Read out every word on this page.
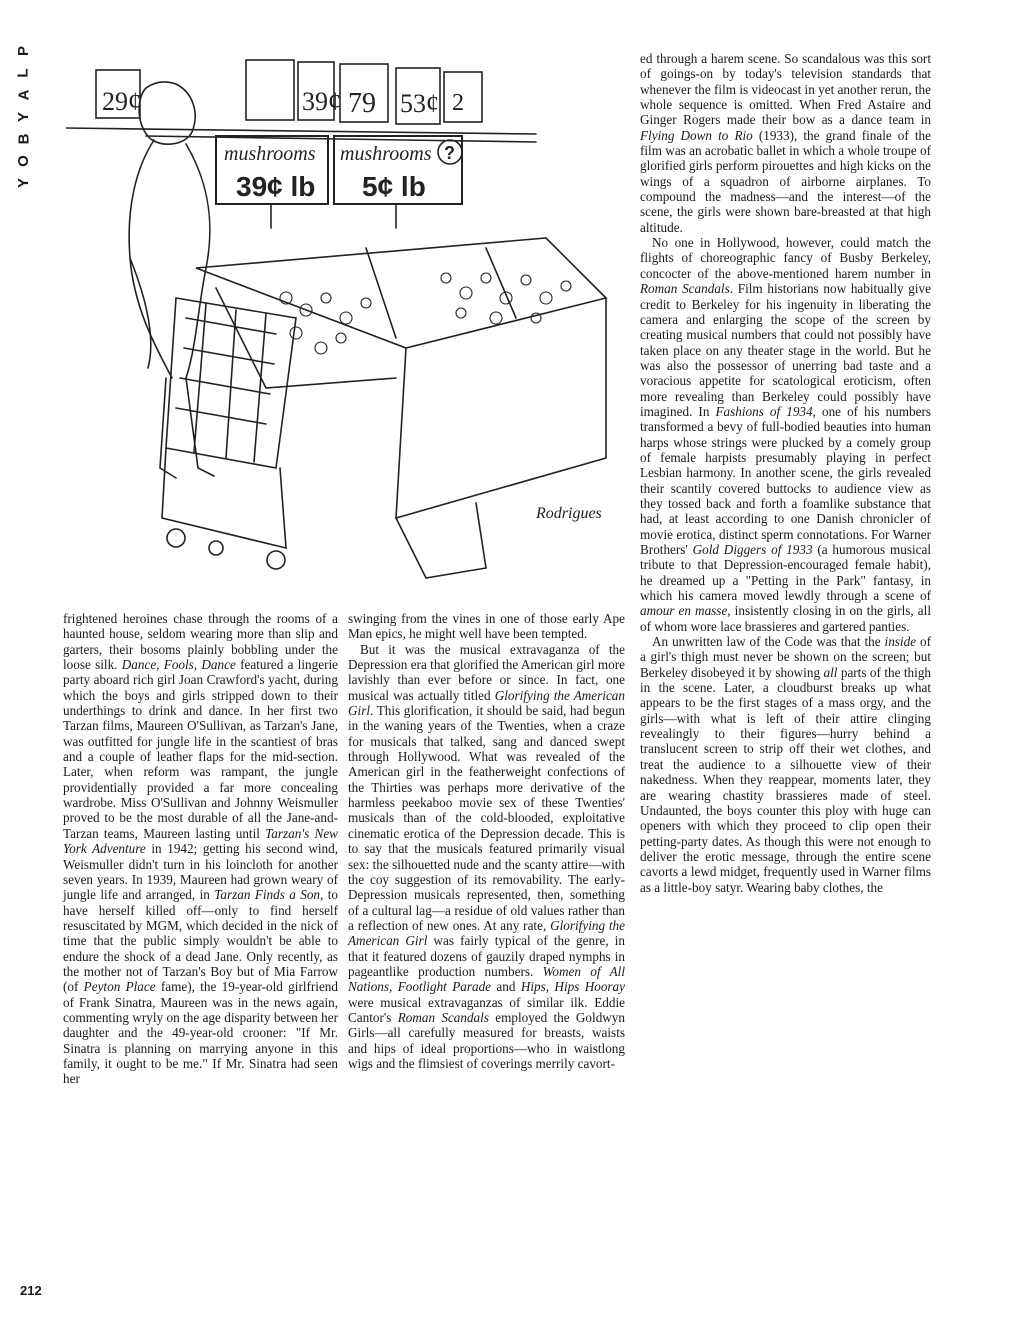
P
L
A
Y
B
O
Y
29¢	39¢ 79 53¢ 2
mushrooms
39¢ lb
mushrooms ?
5¢ lb
Rodrigues

frightened heroines chase through the rooms of a haunted house, seldom wearing more than slip and garters, their bosoms plainly bobbling under the loose silk. Dance, Fools, Dance featured a lingerie party aboard rich girl Joan Crawford's yacht, during which the boys and girls stripped down to their underthings to drink and dance. In her first two Tarzan films, Maureen O'Sullivan, as Tarzan's Jane, was outfitted for jungle life in the scantiest of bras and a couple of leather flaps for the mid-section. Later, when reform was rampant, the jungle providentially provided a far more concealing wardrobe. Miss O'Sullivan and Johnny Weismuller proved to be the most durable of all the Jane-and-Tarzan teams, Maureen lasting until Tarzan's New York Adventure in 1942; getting his second wind, Weismuller didn't turn in his loincloth for another seven years. In 1939, Maureen had grown weary of jungle life and arranged, in Tarzan Finds a Son, to have herself killed off—only to find herself resuscitated by MGM, which decided in the nick of time that the public simply wouldn't be able to endure the shock of a dead Jane. Only recently, as the mother not of Tarzan's Boy but of Mia Farrow (of Peyton Place fame), the 19-year-old girlfriend of Frank Sinatra, Maureen was in the news again, commenting wryly on the age disparity between her daughter and the 49-year-old crooner: "If Mr. Sinatra is planning on marrying anyone in this family, it ought to be me." If Mr. Sinatra had seen her

swinging from the vines in one of those early Ape Man epics, he might well have been tempted.

But it was the musical extravaganza of the Depression era that glorified the American girl more lavishly than ever before or since. In fact, one musical was actually titled Glorifying the American Girl. This glorification, it should be said, had begun in the waning years of the Twenties, when a craze for musicals that talked, sang and danced swept through Hollywood. What was revealed of the American girl in the featherweight confections of the Thirties was perhaps more derivative of the harmless peekaboo movie sex of these Twenties' musicals than of the cold-blooded, exploitative cinematic erotica of the Depression decade. This is to say that the musicals featured primarily visual sex: the silhouetted nude and the scanty attire—with the coy suggestion of its removability. The early-Depression musicals represented, then, something of a cultural lag—a residue of old values rather than a reflection of new ones. At any rate, Glorifying the American Girl was fairly typical of the genre, in that it featured dozens of gauzily draped nymphs in pageantlike production numbers. Women of All Nations, Footlight Parade and Hips, Hips Hooray were musical extravaganzas of similar ilk. Eddie Cantor's Roman Scandals employed the Goldwyn Girls—all carefully measured for breasts, waists and hips of ideal proportions—who in waistlong wigs and the flimsiest of coverings merrily cavort-

ed through a harem scene. So scandalous was this sort of goings-on by today's television standards that whenever the film is videocast in yet another rerun, the whole sequence is omitted. When Fred Astaire and Ginger Rogers made their bow as a dance team in Flying Down to Rio (1933), the grand finale of the film was an acrobatic ballet in which a whole troupe of glorified girls perform pirouettes and high kicks on the wings of a squadron of airborne airplanes. To compound the madness—and the interest—of the scene, the girls were shown bare-breasted at that high altitude.

No one in Hollywood, however, could match the flights of choreographic fancy of Busby Berkeley, concocter of the above-mentioned harem number in Roman Scandals. Film historians now habitually give credit to Berkeley for his ingenuity in liberating the camera and enlarging the scope of the screen by creating musical numbers that could not possibly have taken place on any theater stage in the world. But he was also the possessor of unerring bad taste and a voracious appetite for scatological eroticism, often more revealing than Berkeley could possibly have imagined. In Fashions of 1934, one of his numbers transformed a bevy of full-bodied beauties into human harps whose strings were plucked by a comely group of female harpists presumably playing in perfect Lesbian harmony. In another scene, the girls revealed their scantily covered buttocks to audience view as they tossed back and forth a foamlike substance that had, at least according to one Danish chronicler of movie erotica, distinct sperm connotations. For Warner Brothers' Gold Diggers of 1933 (a humorous musical tribute to that Depression-encouraged female habit), he dreamed up a "Petting in the Park" fantasy, in which his camera moved lewdly through a scene of amour en masse, insistently closing in on the girls, all of whom wore lace brassieres and gartered panties.

An unwritten law of the Code was that the inside of a girl's thigh must never be shown on the screen; but Berkeley disobeyed it by showing all parts of the thigh in the scene. Later, a cloudburst breaks up what appears to be the first stages of a mass orgy, and the girls—with what is left of their attire clinging revealingly to their figures—hurry behind a translucent screen to strip off their wet clothes, and treat the audience to a silhouette view of their nakedness. When they reappear, moments later, they are wearing chastity brassieres made of steel. Undaunted, the boys counter this ploy with huge can openers with which they proceed to clip open their petting-party dates. As though this were not enough to deliver the erotic message, through the entire scene cavorts a lewd midget, frequently used in Warner films as a little-boy satyr. Wearing baby clothes, the

212
